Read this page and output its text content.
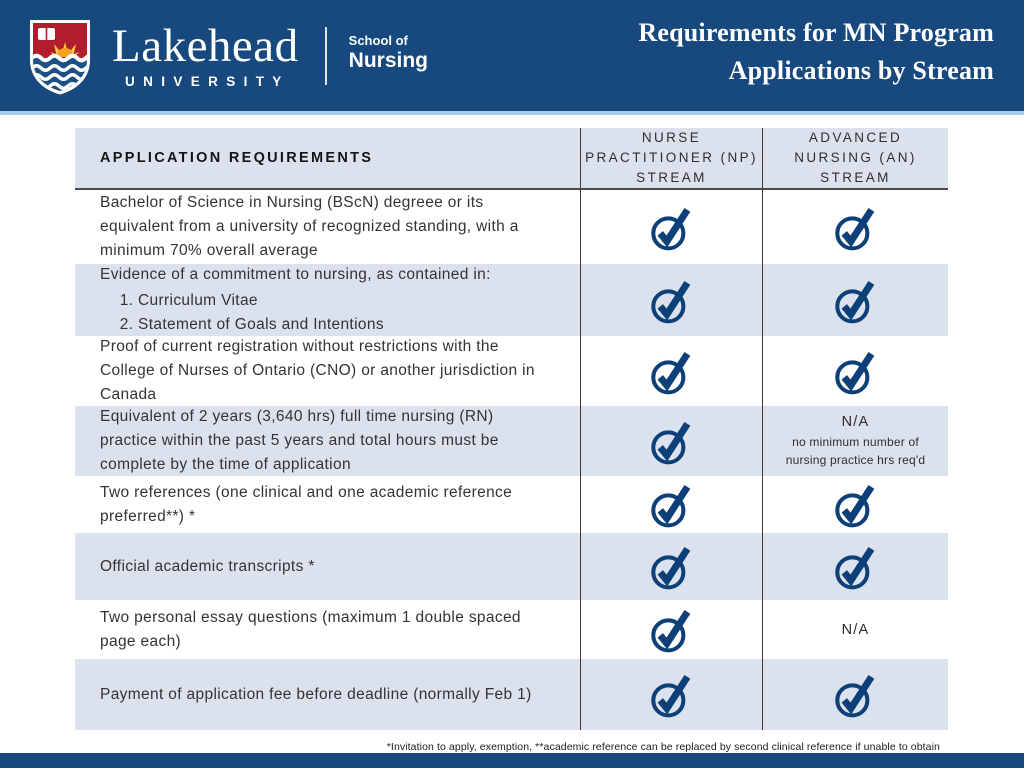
Lakehead
UNIVERSITY
School of
Nursing
Requirements for MN Program
Applications by Stream
APPLICATION REQUIREMENTS
NURSE
PRACTITIONER (NP)
STREAM
ADVANCED
NURSING (AN)
STREAM
Bachelor of Science in Nursing (BScN) degreee or its equivalent from a university of recognized standing, with a minimum 70% overall average
Evidence of a commitment to nursing, as contained in:
1. Curriculum Vitae
2. Statement of Goals and Intentions
Proof of current registration without restrictions with the College of Nurses of Ontario (CNO) or another jurisdiction in Canada
Equivalent of 2 years (3,640 hrs) full time nursing (RN) practice within the past 5 years and total hours must be complete by the time of application
N/A
no minimum number of
nursing practice hrs req'd
Two references (one clinical and one academic reference preferred**) *
Official academic transcripts *
Two personal essay questions (maximum 1 double spaced page each)
N/A
Payment of application fee before deadline (normally Feb 1)
*Invitation to apply, exemption, **academic reference can be replaced by second clinical reference if unable to obtain
